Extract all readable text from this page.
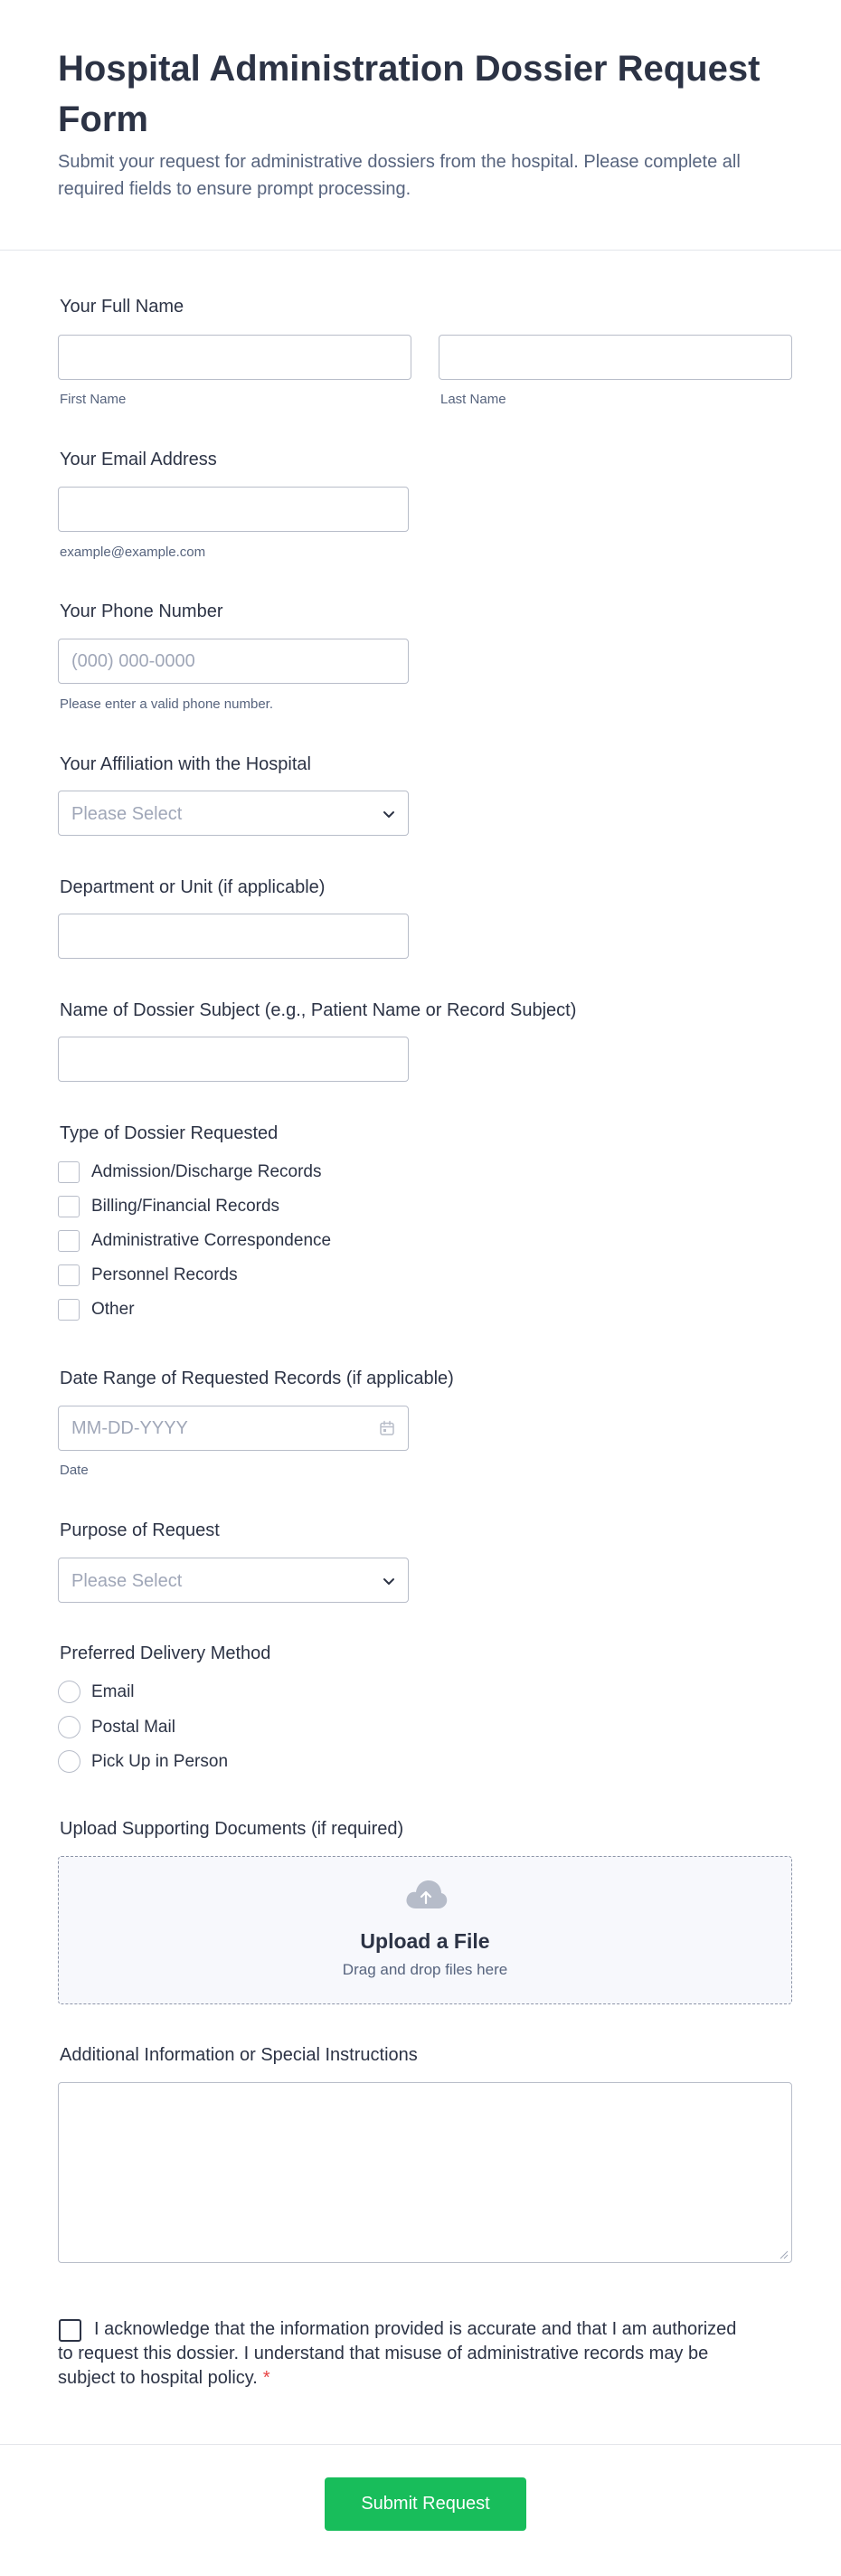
Hospital Administration Dossier Request Form

Submit your request for administrative dossiers from the hospital. Please complete all required fields to ensure prompt processing.

Your Full Name
First Name	Last Name
Your Email Address
example@example.com
Your Phone Number
(000) 000-0000
Please enter a valid phone number.
Your Affiliation with the Hospital
Please Select
Department or Unit (if applicable)
Name of Dossier Subject (e.g., Patient Name or Record Subject)
Type of Dossier Requested
Admission/Discharge Records
Billing/Financial Records
Administrative Correspondence
Personnel Records
Other
Date Range of Requested Records (if applicable)
MM-DD-YYYY
Date
Purpose of Request
Please Select
Preferred Delivery Method
Email
Postal Mail
Pick Up in Person
Upload Supporting Documents (if required)
Upload a File
Drag and drop files here
Additional Information or Special Instructions
I acknowledge that the information provided is accurate and that I am authorized to request this dossier. I understand that misuse of administrative records may be subject to hospital policy. *
Submit Request
